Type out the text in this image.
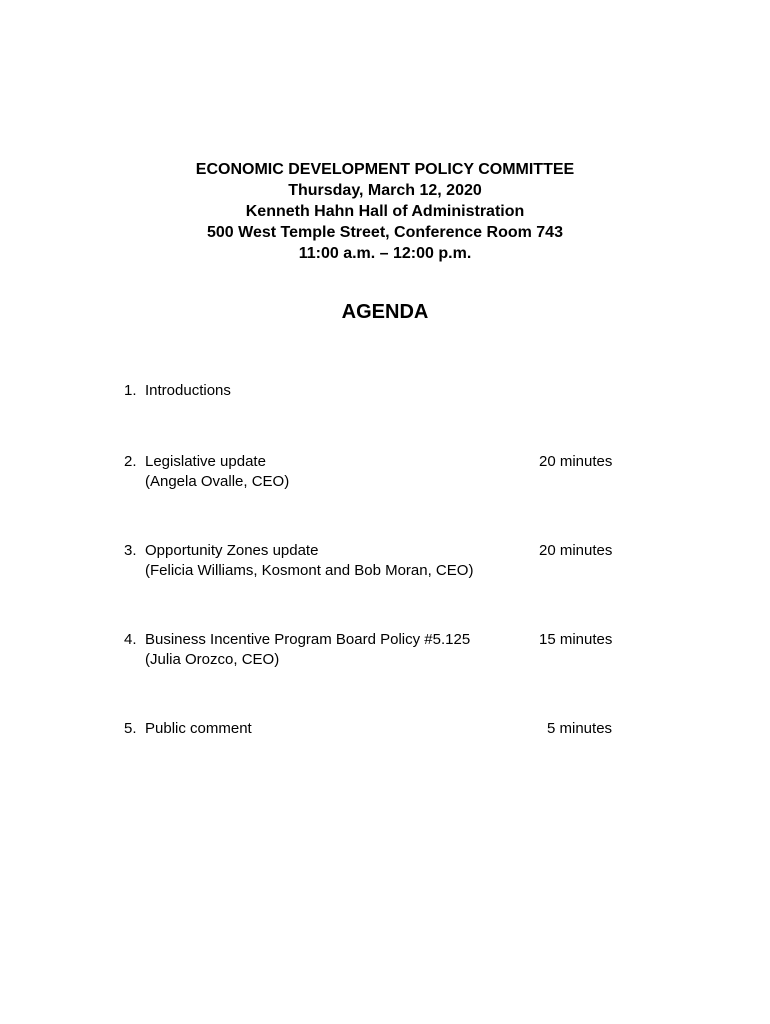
ECONOMIC DEVELOPMENT POLICY COMMITTEE
Thursday, March 12, 2020
Kenneth Hahn Hall of Administration
500 West Temple Street, Conference Room 743
11:00 a.m. – 12:00 p.m.
AGENDA
1. Introductions
2. Legislative update
(Angela Ovalle, CEO)
20 minutes
3. Opportunity Zones update
(Felicia Williams, Kosmont and Bob Moran, CEO)
20 minutes
4. Business Incentive Program Board Policy #5.125
(Julia Orozco, CEO)
15 minutes
5. Public comment	5 minutes
